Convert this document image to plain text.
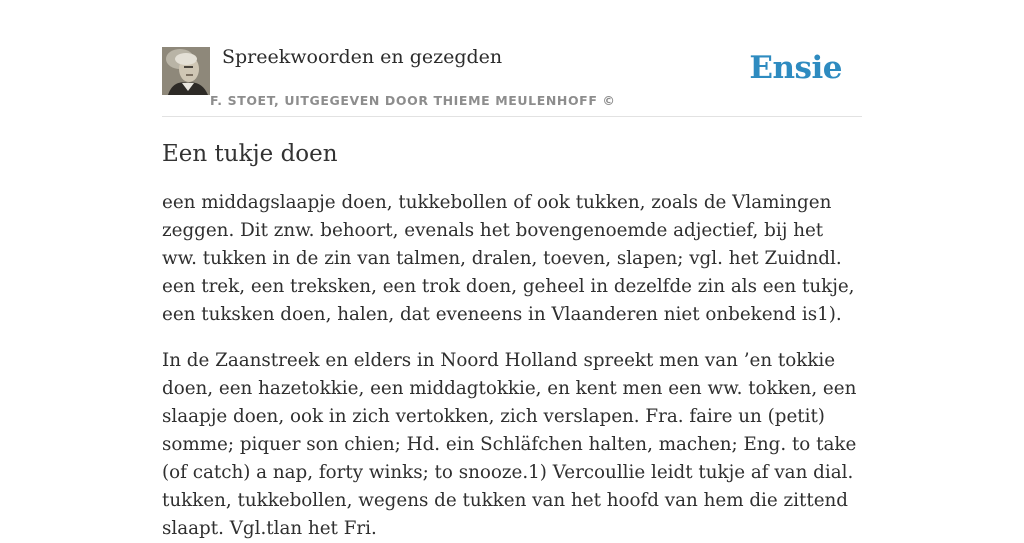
Spreekwoorden en gezegden
F. STOET, UITGEGEVEN DOOR THIEME MEULENHOFF ©
Ensie
Een tukje doen

een middagslaapje doen, tukkebollen of ook tukken, zoals de Vlamingen zeggen. Dit znw. behoort, evenals het bovengenoemde adjectief, bij het ww. tukken in de zin van talmen, dralen, toeven, slapen; vgl. het Zuidndl. een trek, een treksken, een trok doen, geheel in dezelfde zin als een tukje, een tuksken doen, halen, dat eveneens in Vlaanderen niet onbekend is1).

In de Zaanstreek en elders in Noord Holland spreekt men van ’en tokkie doen, een hazetokkie, een middagtokkie, en kent men een ww. tokken, een slaapje doen, ook in zich vertokken, zich verslapen. Fra. faire un (petit) somme; piquer son chien; Hd. ein Schläfchen halten, machen; Eng. to take (of catch) a nap, forty winks; to snooze.1) Vercoullie leidt tukje af van dial. tukken, tukkebollen, wegens de tukken van het hoofd van hem die zittend slaapt. Vgl.tlan het Fri.
